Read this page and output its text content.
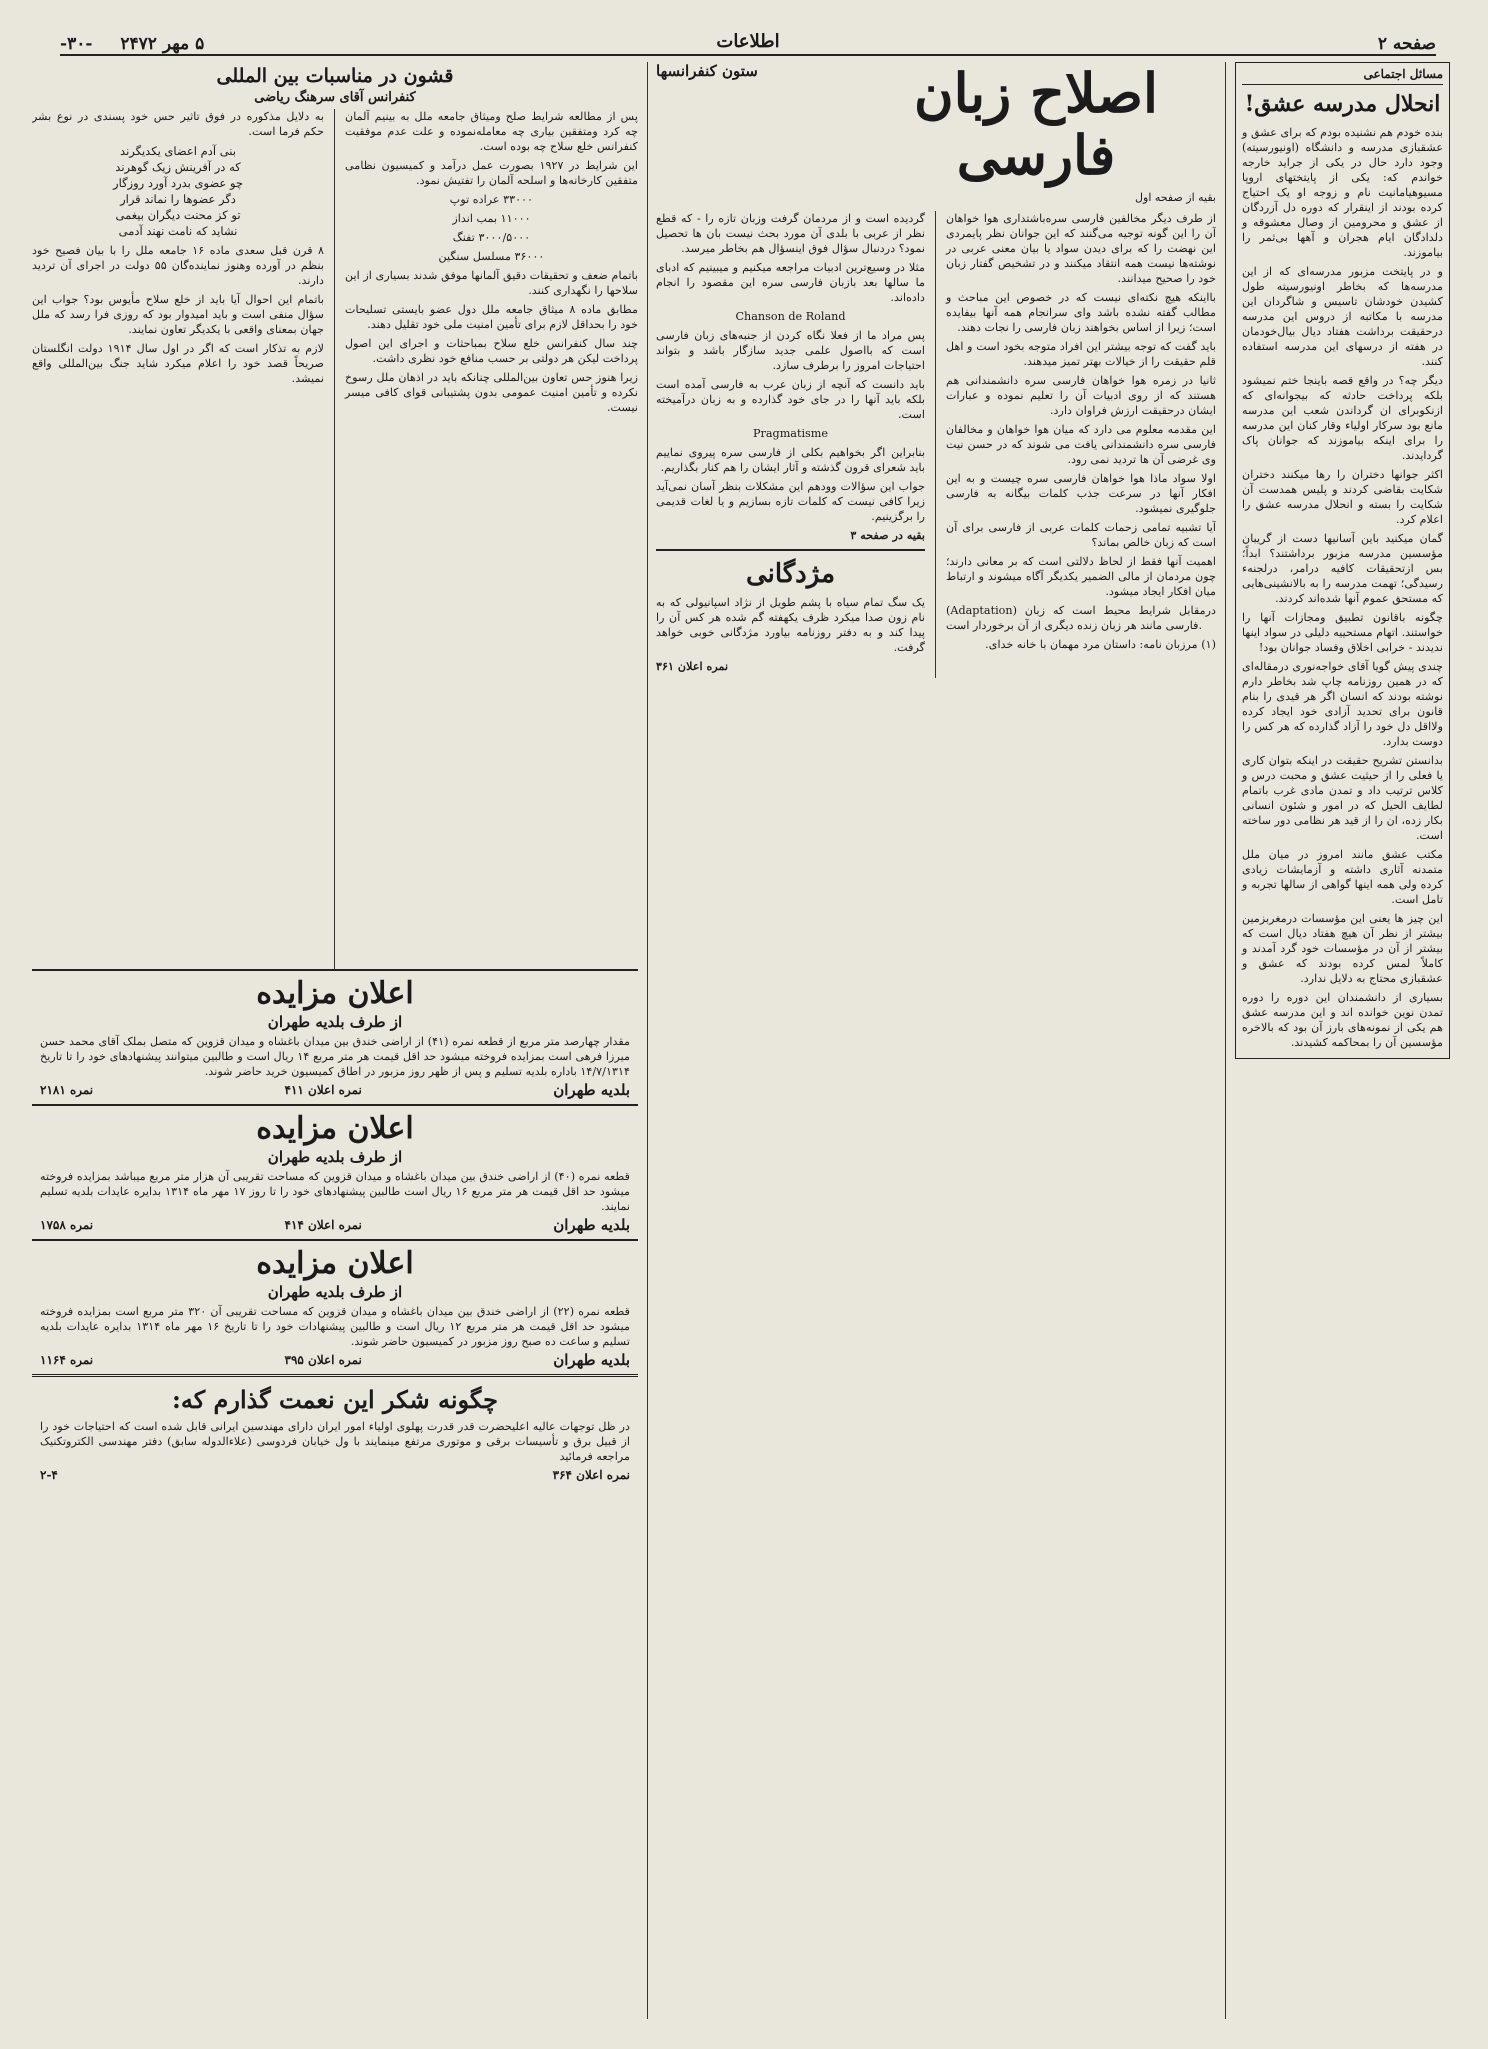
صفحه ۲
اطلاعات
۵ مهر ۲۴۷۲
-۳۰-
مسائل اجتماعی
انحلال مدرسه عشق!

بنده خودم هم نشنیده بودم که برای عشق و عشقبازی مدرسه و دانشگاه (اونیورسیته) وجود دارد حال در یکی از جراید خارجه خواندم که: یکی از پایتختهای اروپا مسیوهیامانیت نام و زوجه او یک احتیاج کرده بودند از اینقرار که دوره دل آزردگان از عشق و محرومین از وصال معشوقه و دلدادگان ایام هجران و آهها بی‌ثمر را بیاموزند.

و در پایتخت مزبور مدرسه‌ای که از این مدرسه‌ها که بخاطر اونیورسیته طول کشیدن خودشان تاسیس و شاگردان این مدرسه با مکاتبه از دروس این مدرسه درحقیقت برداشت هفتاد دیال بیال‌خودمان در هفته از درسهای این مدرسه استفاده کنند.

دیگر چه؟ در واقع قصه باینجا ختم نمیشود بلکه پرداخت حادثه که بیجوانه‌ای که ازنکوبرای ان گرداندن شعب این مدرسه مانع بود سرکار اولیاء وقار کنان این مدرسه را برای اینکه بیاموزند که جوانان پاک گردایدند.

اکثر جوانها دختران را رها میکنند دختران شکایت بقاضی کردند و پلیس همدست آن شکایت را بسته و انحلال مدرسه عشق را اعلام کرد.

گمان میکنید باین آسانیها دست از گریبان مؤسسین مدرسه مزبور برداشتند؟ ابداً؛ بس ازتحقیقات کافیه درامر، درلجنه‌ء رسیدگی؛ تهمت مدرسه را به بالانشینی‌هایی که مستحق عموم آنها شده‌اند کردند.

چگونه باقانون تطبیق ومجازات آنها را خواستند. اتهام مستحییه دلیلی در سواد اینها ندیدند - خرابی اخلاق وفساد جوانان بود!

چندی پیش گویا آقای خواجه‌نوری درمقاله‌ای که در همین روزنامه چاپ شد بخاطر دارم نوشته بودند که انسان اگر هر قیدی را بنام قانون برای تحدید آزادی خود ایجاد کرده ولااقل دل خود را آزاد گذارده که هر کس را دوست بدارد.

بدانستن تشریح حقیقت در اینکه بتوان کاری یا فعلی را از حیثیت عشق و محبت درس و کلاس ترتیب داد و تمدن مادی غرب باتمام لطایف الحیل که در امور و شئون انسانی بکار زده، ان را از قید هر نظامی دور ساخته است.

مکتب عشق مانند امروز در میان ملل متمدنه آثاری داشته و آزمایشات زیادی کرده ولی همه اینها گواهی از سالها تجربه و تامل است.

این چیز ها یعنی این مؤسسات درمغربزمین بیشتر از نظر آن هیچ هفتاد دیال است که بیشتر از آن در مؤسسات خود گرد آمدند و کاملاً لمس کرده بودند که عشق و عشقبازی محتاج به دلایل ندارد.

بسیاری از دانشمندان این دوره را دوره تمدن نوین خوانده اند و این مدرسه عشق هم یکی از نمونه‌های بارز آن بود که بالاخره مؤسسین آن را بمحاکمه کشیدند.

اصلاح زبان فارسی
بقیه از صفحه اول
ستون کنفرانسها

از طرف دیگر مخالفین فارسی سره‌باشتداری هوا خواهان آن را این گونه توجیه می‌گنند که این جوانان نظر پایمردی این نهضت را که برای دیدن سواد یا بیان معنی عربی در نوشته‌ها نیست همه انتقاد میکنند و در تشخیص گفتار زبان خود را صحیح میدانند.

بااینکه هیچ نکته‌ای نیست که در خصوص این مباحث و مطالب گفته نشده باشد وای سرانجام همه آنها بیفایده است؛ زیرا از اساس بخواهند زبان فارسی را نجات دهند.

باید گفت که توجه بیشتر این افراد متوجه بخود است و اهل قلم حقیقت را از خیالات بهتر تمیز میدهند.

ثانیا در زمره هوا خواهان فارسی سره دانشمندانی هم هستند که از روی ادبیات آن را تعلیم نموده و عبارات ایشان درحقیقت ارزش فراوان دارد.

این مقدمه معلوم می دارد که میان هوا خواهان و مخالفان فارسی سره دانشمندانی یافت می شوند که در حسن نیت وی غرضی آن ها تردید نمی رود.

اولا سواد ماذا هوا خواهان فارسی سره چیست و به این افکار آنها در سرعت جذب کلمات بیگانه به فارسی جلوگیری نمیشود.

آیا تشبیه تمامی زحمات کلمات عربی از فارسی برای آن است که زبان خالص بماند؟

اهمیت آنها فقط از لحاظ دلالتی است که بر معانی دارند؛ چون مردمان از مالی الضمیر یکدیگر آگاه میشوند و ارتباط میان افکار ایجاد میشود.

(Adaptation) درمقابل شرایط محیط است که زبان فارسی مانند هر زبان زنده دیگری از آن برخوردار است.

(۱) مرزبان نامه: داستان مرد مهمان با خانه خدای.

گردیده است و از مردمان گرفت وزبان تازه را - که قطع نظر از عربی با بلدی آن مورد بحث نیست بان ها تحصیل نمود؟ دردنبال سؤال فوق اینسؤال هم بخاطر میرسد.

مثلا در وسیع‌ترین ادبیات مراجعه میکنیم و میبینیم که ادبای ما سالها بعد بازبان فارسی سره این مقصود را انجام داده‌اند.

Chanson de Roland

پس مراد ما از فعلا نگاه کردن از جنبه‌های زبان فارسی است که بااصول علمی جدید سازگار باشد و بتواند احتیاجات امروز را برطرف سازد.

باید دانست که آنچه از زبان عرب به فارسی آمده است بلکه باید آنها را در جای خود گذارده و به زبان درآمیخته است.

Pragmatisme

بنابراین اگر بخواهیم بکلی از فارسی سره پیروی نماییم باید شعرای قرون گذشته و آثار ایشان را هم کنار بگذاریم.

جواب این سؤالات وودهم این مشکلات بنظر آسان نمی‌آید زیرا کافی نیست که کلمات تازه بسازیم و یا لغات قدیمی را برگزینیم.

بقیه در صفحه ۳

مژدگانی

یک سگ تمام سیاه با پشم طویل از نژاد اسپانیولی که به نام زون صدا میکرد ظرف یکهفته گم شده هر کس آن را پیدا کند و به دفتر روزنامه بیاورد مژدگانی خوبی خواهد گرفت.

نمره اعلان ۳۶۱

قشون در مناسبات بین المللی
کنفرانس آقای سرهنگ ریاضی

پس از مطالعه شرایط صلح ومیثاق جامعه ملل به بینیم آلمان چه کرد ومتفقین بیاری چه معامله‌نموده و علت عدم موفقیت کنفرانس خلع سلاح چه بوده است.

این شرایط در ۱۹۲۷ بصورت عمل درآمد و کمیسیون نظامی متفقین کارخانه‌ها و اسلحه آلمان را تفتیش نمود.

۳۳۰۰۰ عراده توپ

۱۱۰۰۰ بمب انداز

۳۰۰۰/۵۰۰۰ تفنگ

۳۶۰۰۰ مسلسل سنگین

باتمام ضعف و تحقیقات دقیق آلمانها موفق شدند بسیاری از این سلاحها را نگهداری کنند.

مطابق ماده ۸ میثاق جامعه ملل دول عضو بایستی تسلیحات خود را بحداقل لازم برای تأمین امنیت ملی خود تقلیل دهند.

چند سال کنفرانس خلع سلاح بمباحثات و اجرای این اصول پرداخت لیکن هر دولتی بر حسب منافع خود نظری داشت.

زیرا هنوز حس تعاون بین‌المللی چنانکه باید در اذهان ملل رسوخ نکرده و تأمین امنیت عمومی بدون پشتیبانی قوای کافی میسر نیست.

به دلایل مذکوره در فوق تاثیر حس خود پسندی در نوع بشر حکم فرما است.

بنی آدم اعضای یکدیگرند
که در آفرینش زیک گوهرند
چو عضوی بدرد آورد روزگار
دگر عضوها را نماند قرار
تو کز محنت دیگران بیغمی
نشاید که نامت نهند آدمی

۸ قرن قبل سعدی ماده ۱۶ جامعه ملل را با بیان فصیح خود بنظم در آورده وهنوز نماینده‌گان ۵۵ دولت در اجرای آن تردید دارند.

باتمام این احوال آیا باید از خلع سلاح مأیوس بود؟ جواب این سؤال منفی است و باید امیدوار بود که روزی فرا رسد که ملل جهان بمعنای واقعی با یکدیگر تعاون نمایند.

لازم به تذکار است که اگر در اول سال ۱۹۱۴ دولت انگلستان صریحاً قصد خود را اعلام میکرد شاید جنگ بین‌المللی واقع نمیشد.

اعلان مزایده
از طرف بلدیه طهران

مقدار چهارصد متر مربع از قطعه نمره (۴۱) از اراضی خندق بین میدان باغشاه و میدان قزوین که متصل بملک آقای محمد حسن میرزا فرهی است بمزایده فروخته میشود حد اقل قیمت هر متر مربع ۱۴ ریال است و طالبین میتوانند پیشنهادهای خود را تا تاریخ ۱۴/۷/۱۳۱۴ باداره بلدیه تسلیم و پس از ظهر روز مزبور در اطاق کمیسیون خرید حاضر شوند.

بلدیه طهران
نمره اعلان ۴۱۱
نمره ۲۱۸۱
اعلان مزایده
از طرف بلدیه طهران

قطعه نمره (۴۰) از اراضی خندق بین میدان باغشاه و میدان قزوین که مساحت تقریبی آن هزار متر مربع میباشد بمزایده فروخته میشود حد اقل قیمت هر متر مربع ۱۶ ریال است طالبین پیشنهادهای خود را تا روز ۱۷ مهر ماه ۱۳۱۴ بدایره عایدات بلدیه تسلیم نمایند.

بلدیه طهران
نمره اعلان ۴۱۴
نمره ۱۷۵۸
اعلان مزایده
از طرف بلدیه طهران

قطعه نمره (۲۲) از اراضی خندق بین میدان باغشاه و میدان قزوین که مساحت تقریبی آن ۳۲۰ متر مربع است بمزایده فروخته میشود حد اقل قیمت هر متر مربع ۱۲ ریال است و طالبین پیشنهادات خود را تا تاریخ ۱۶ مهر ماه ۱۳۱۴ بدایره عایدات بلدیه تسلیم و ساعت ده صبح روز مزبور در کمیسیون حاضر شوند.

بلدیه طهران
نمره اعلان ۳۹۵
نمره ۱۱۶۴
چگونه شکر این نعمت گذارم که:

در ظل توجهات عالیه اعلیحضرت قدر قدرت پهلوی اولیاء امور ایران دارای مهندسین ایرانی قابل شده است که احتیاجات خود را از قبیل برق و تأسیسات برقی و موتوری مرتفع مینمایند با ول خیابان فردوسی (علاءالدوله سابق) دفتر مهندسی الکتروتکنیک مراجعه فرمائید

نمره اعلان ۳۶۴
۲-۴
